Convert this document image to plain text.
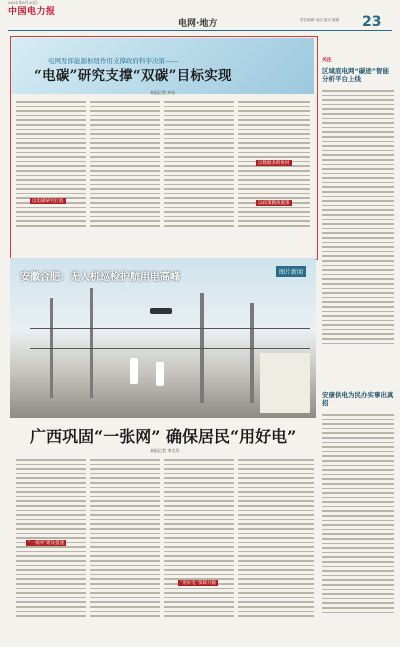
2021年8月20日
中国电力报
电网·地方	责任编辑 电话 版式 邮箱	23
电网发挥能源枢纽作用支撑政府科学决策——
“电碳”研究支撑“双碳”目标实现
本报记者 齐东
以电碳研究打底
以数据多跨协同
以政策精准施策
安徽合肥：无人机巡检护航用电高峰	图片新闻
广西巩固“一张网” 确保居民“用好电”
本报记者 李太均
“一张网”建设提速
“用好电”保障升级
关注
区域底电网“碳迹”智能分析平台上线
安康供电为民办实事出真招
